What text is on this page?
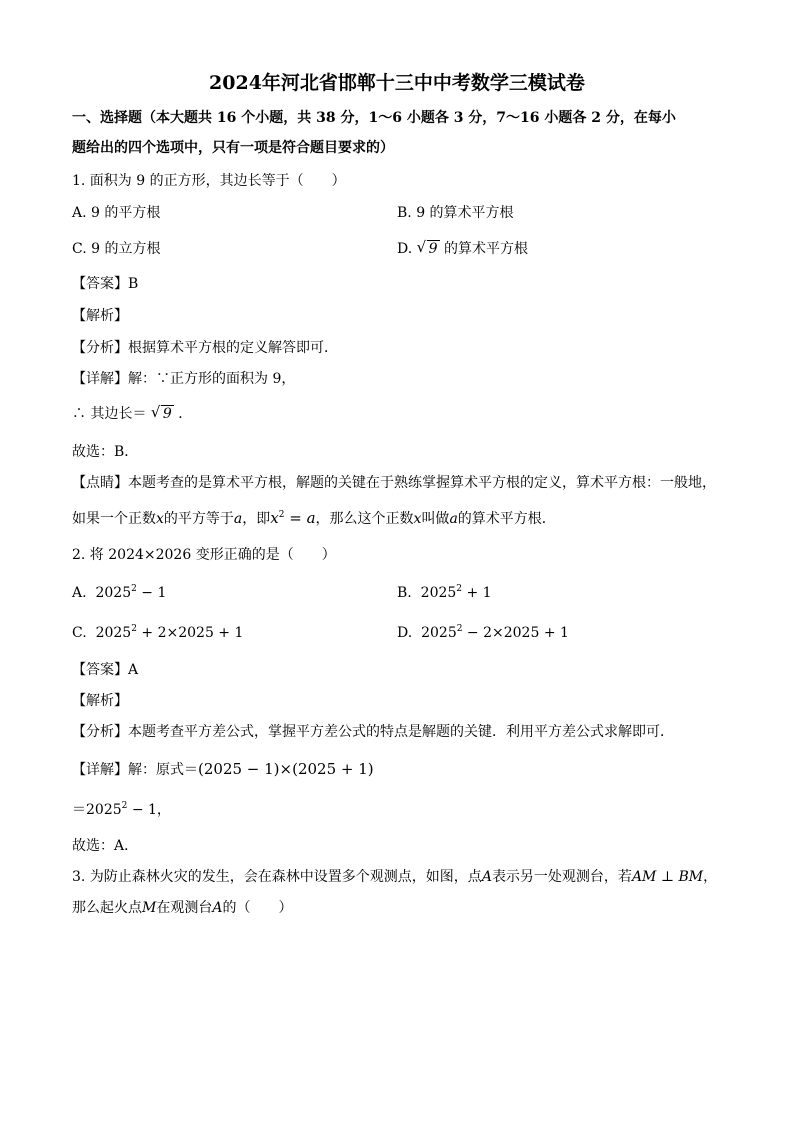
2024年河北省邯郸十三中中考数学三模试卷
一、选择题（本大题共 16 个小题，共 38 分，1～6 小题各 3 分，7～16 小题各 2 分，在每小
题给出的四个选项中，只有一项是符合题目要求的）
1. 面积为 9 的正方形，其边长等于（　　）
A. 9 的平方根	B. 9 的算术平方根
C. 9 的立方根	D. √ 9 的算术平方根
【答案】B
【解析】
【分析】根据算术平方根的定义解答即可．
【详解】解：∵正方形的面积为 9，
∴ 其边长＝ √ 9 ．
故选：B．
【点睛】本题考查的是算术平方根，解题的关键在于熟练掌握算术平方根的定义，算术平方根：一般地，
如果一个正数x的平方等于a，即$x^2 = a$，那么这个正数x叫做a的算术平方根．
2. 将 2024×2026 变形正确的是（　　）
A. $2025^2 - 1$	B. $2025^2 + 1$
C. $2025^2 + 2\times 2025 + 1$	D. $2025^2 - 2\times 2025 + 1$
【答案】A
【解析】
【分析】本题考查平方差公式，掌握平方差公式的特点是解题的关键．利用平方差公式求解即可．
【详解】解：原式＝(2025 − 1)×(2025 + 1)
$=2025^2 - 1$，
故选：A．
3. 为防止森林火灾的发生，会在森林中设置多个观测点，如图，点A表示另一处观测台，若AM ⊥ BM，
那么起火点M在观测台A的（　　）
